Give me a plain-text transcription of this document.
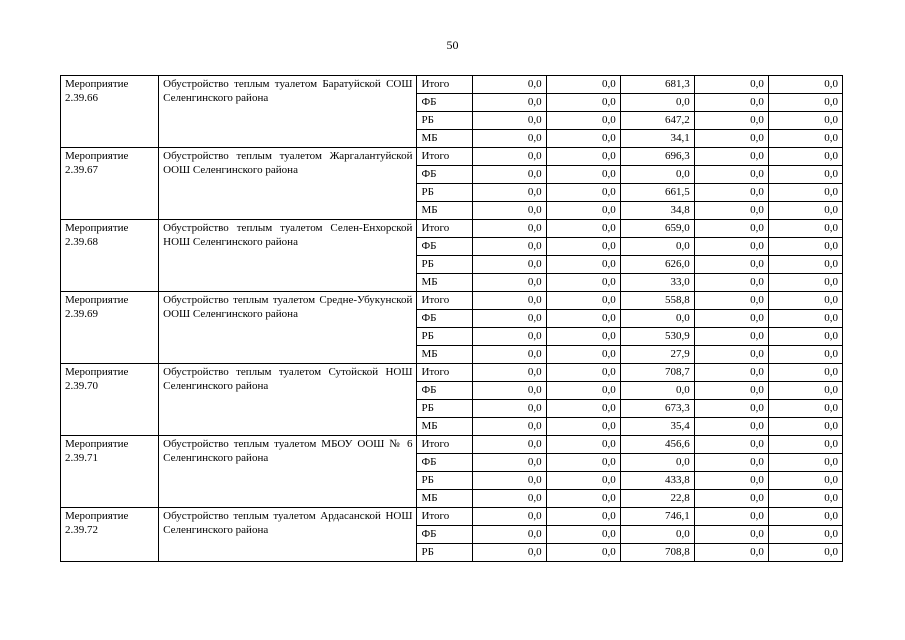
50
Мероприятие 2.39.66	Обустройство теплым туалетом Баратуйской СОШ Селенгинского района	Итого	0,0	0,0	681,3	0,0	0,0
		ФБ	0,0	0,0	0,0	0,0	0,0
		РБ	0,0	0,0	647,2	0,0	0,0
		МБ	0,0	0,0	34,1	0,0	0,0
Мероприятие 2.39.67	Обустройство теплым туалетом Жаргалантуйской ООШ Селенгинского района	Итого	0,0	0,0	696,3	0,0	0,0
		ФБ	0,0	0,0	0,0	0,0	0,0
		РБ	0,0	0,0	661,5	0,0	0,0
		МБ	0,0	0,0	34,8	0,0	0,0
Мероприятие 2.39.68	Обустройство теплым туалетом Селен-Енхорской НОШ Селенгинского района	Итого	0,0	0,0	659,0	0,0	0,0
		ФБ	0,0	0,0	0,0	0,0	0,0
		РБ	0,0	0,0	626,0	0,0	0,0
		МБ	0,0	0,0	33,0	0,0	0,0
Мероприятие 2.39.69	Обустройство теплым туалетом Средне-Убукунской ООШ Селенгинского района	Итого	0,0	0,0	558,8	0,0	0,0
		ФБ	0,0	0,0	0,0	0,0	0,0
		РБ	0,0	0,0	530,9	0,0	0,0
		МБ	0,0	0,0	27,9	0,0	0,0
Мероприятие 2.39.70	Обустройство теплым туалетом Сутойской НОШ Селенгинского района	Итого	0,0	0,0	708,7	0,0	0,0
		ФБ	0,0	0,0	0,0	0,0	0,0
		РБ	0,0	0,0	673,3	0,0	0,0
		МБ	0,0	0,0	35,4	0,0	0,0
Мероприятие 2.39.71	Обустройство теплым туалетом МБОУ ООШ № 6 Селенгинского района	Итого	0,0	0,0	456,6	0,0	0,0
		ФБ	0,0	0,0	0,0	0,0	0,0
		РБ	0,0	0,0	433,8	0,0	0,0
		МБ	0,0	0,0	22,8	0,0	0,0
Мероприятие 2.39.72	Обустройство теплым туалетом Ардасанской НОШ Селенгинского района	Итого	0,0	0,0	746,1	0,0	0,0
		ФБ	0,0	0,0	0,0	0,0	0,0
		РБ	0,0	0,0	708,8	0,0	0,0
